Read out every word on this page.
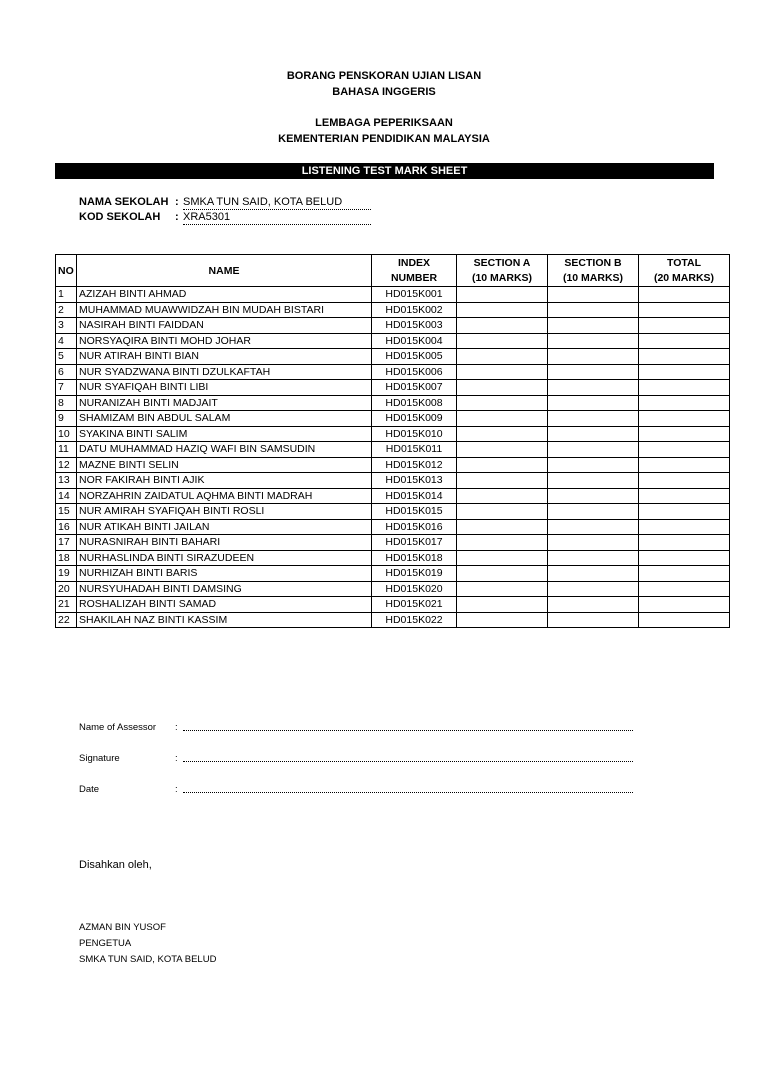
BORANG PENSKORAN UJIAN LISAN
BAHASA INGGERIS
LEMBAGA PEPERIKSAAN
KEMENTERIAN PENDIDIKAN MALAYSIA
LISTENING TEST MARK SHEET
NAMA SEKOLAH : SMKA TUN SAID, KOTA BELUD
KOD SEKOLAH	: XRA5301
NO	NAME	INDEX	SECTION A	SECTION B	TOTAL
		NUMBER	(10 MARKS)	(10 MARKS)	(20 MARKS)
1	AZIZAH BINTI AHMAD	HD015K001			
2	MUHAMMAD MUAWWIDZAH BIN MUDAH BISTARI	HD015K002			
3	NASIRAH BINTI FAIDDAN	HD015K003			
4	NORSYAQIRA BINTI MOHD JOHAR	HD015K004			
5	NUR ATIRAH BINTI BIAN	HD015K005			
6	NUR SYADZWANA BINTI DZULKAFTAH	HD015K006			
7	NUR SYAFIQAH BINTI LIBI	HD015K007			
8	NURANIZAH BINTI MADJAIT	HD015K008			
9	SHAMIZAM BIN ABDUL SALAM	HD015K009			
10	SYAKINA BINTI SALIM	HD015K010			
11	DATU MUHAMMAD HAZIQ WAFI BIN SAMSUDIN	HD015K011			
12	MAZNE BINTI SELIN	HD015K012			
13	NOR FAKIRAH BINTI AJIK	HD015K013			
14	NORZAHRIN ZAIDATUL AQHMA BINTI MADRAH	HD015K014			
15	NUR AMIRAH SYAFIQAH BINTI ROSLI	HD015K015			
16	NUR ATIKAH BINTI JAILAN	HD015K016			
17	NURASNIRAH BINTI BAHARI	HD015K017			
18	NURHASLINDA BINTI SIRAZUDEEN	HD015K018			
19	NURHIZAH BINTI BARIS	HD015K019			
20	NURSYUHADAH BINTI DAMSING	HD015K020			
21	ROSHALIZAH BINTI SAMAD	HD015K021			
22	SHAKILAH NAZ BINTI KASSIM	HD015K022			
Name of Assessor	:
Signature	:
Date	:
Disahkan oleh,
AZMAN BIN YUSOF
PENGETUA
SMKA TUN SAID, KOTA BELUD
